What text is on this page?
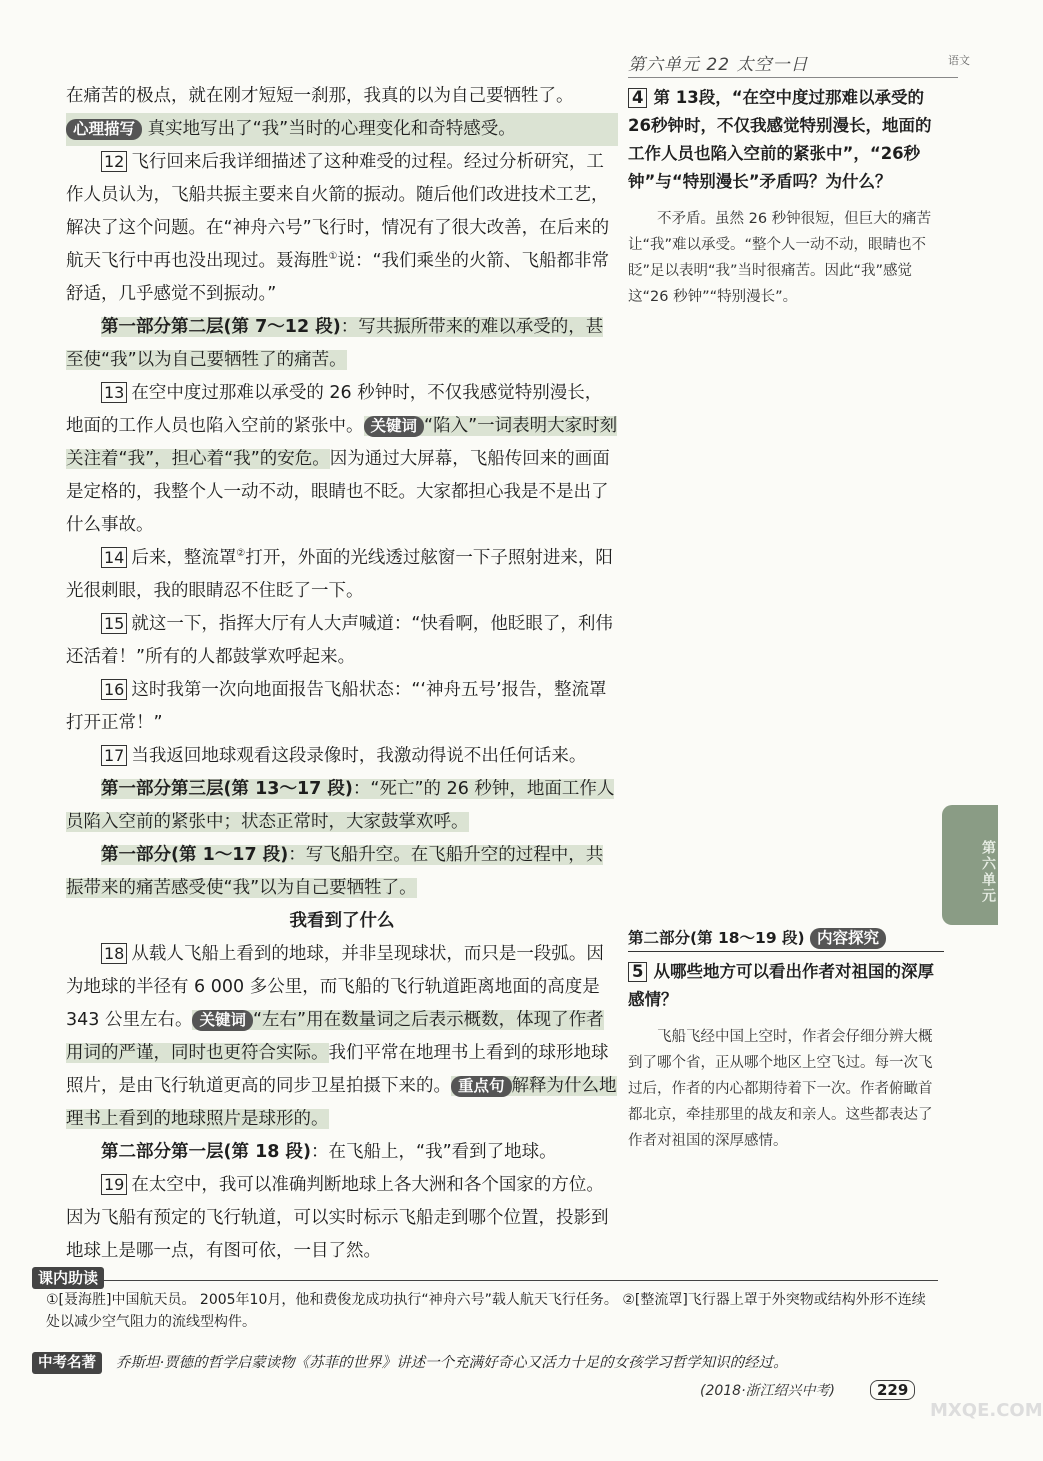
第六单元 22 太空一日	语文

在痛苦的极点，就在刚才短短一刹那，我真的以为自己要牺牲了。

心理描写 真实地写出了“我”当时的心理变化和奇特感受。

12 飞行回来后我详细描述了这种难受的过程。经过分析研究，工作人员认为，飞船共振主要来自火箭的振动。随后他们改进技术工艺，解决了这个问题。在“神舟六号”飞行时，情况有了很大改善，在后来的航天飞行中再也没出现过。聂海胜①说：“我们乘坐的火箭、飞船都非常舒适，几乎感觉不到振动。”

第一部分第二层(第 7～12 段)：写共振所带来的难以承受的，甚至使“我”以为自己要牺牲了的痛苦。

13 在空中度过那难以承受的 26 秒钟时，不仅我感觉特别漫长，地面的工作人员也陷入空前的紧张中。 关键词 “陷入”一词表明大家时刻关注着“我”，担心着“我”的安危。因为通过大屏幕，飞船传回来的画面是定格的，我整个人一动不动，眼睛也不眨。大家都担心我是不是出了什么事故。

14 后来，整流罩②打开，外面的光线透过舷窗一下子照射进来，阳光很刺眼，我的眼睛忍不住眨了一下。

15 就这一下，指挥大厅有人大声喊道：“快看啊，他眨眼了，利伟还活着！”所有的人都鼓掌欢呼起来。

16 这时我第一次向地面报告飞船状态：“‘神舟五号’报告，整流罩打开正常！”

17 当我返回地球观看这段录像时，我激动得说不出任何话来。

第一部分第三层(第 13～17 段)：“死亡”的 26 秒钟，地面工作人员陷入空前的紧张中；状态正常时，大家鼓掌欢呼。

第一部分(第 1～17 段)：写飞船升空。在飞船升空的过程中，共振带来的痛苦感受使“我”以为自己要牺牲了。

我看到了什么

18 从载人飞船上看到的地球，并非呈现球状，而只是一段弧。因为地球的半径有 6 000 多公里，而飞船的飞行轨道距离地面的高度是 343 公里左右。 关键词 “左右”用在数量词之后表示概数，体现了作者用词的严谨，同时也更符合实际。我们平常在地理书上看到的球形地球照片，是由飞行轨道更高的同步卫星拍摄下来的。 重点句 解释为什么地理书上看到的地球照片是球形的。

第二部分第一层(第 18 段)：在飞船上，“我”看到了地球。

19 在太空中，我可以准确判断地球上各大洲和各个国家的方位。因为飞船有预定的飞行轨道，可以实时标示飞船走到哪个位置，投影到地球上是哪一点，有图可依，一目了然。

4 第 13段，“在空中度过那难以承受的26秒钟时，不仅我感觉特别漫长，地面的工作人员也陷入空前的紧张中”，“26秒钟”与“特别漫长”矛盾吗？为什么？
不矛盾。虽然 26 秒钟很短，但巨大的痛苦让“我”难以承受。“整个人一动不动，眼睛也不眨”足以表明“我”当时很痛苦。因此“我”感觉这“26 秒钟”“特别漫长”。
第六单元
第二部分(第 18～19 段) 内容探究
5 从哪些地方可以看出作者对祖国的深厚感情？
飞船飞经中国上空时，作者会仔细分辨大概到了哪个省，正从哪个地区上空飞过。每一次飞过后，作者的内心都期待着下一次。作者俯瞰首都北京，牵挂那里的战友和亲人。这些都表达了作者对祖国的深厚感情。
课内助读
①[聂海胜]中国航天员。 2005年10月，他和费俊龙成功执行“神舟六号”载人航天飞行任务。 ②[整流罩]飞行器上罩于外突物或结构外形不连续处以减少空气阻力的流线型构件。
中考名著 乔斯坦·贾德的哲学启蒙读物《苏菲的世界》讲述一个充满好奇心又活力十足的女孩学习哲学知识的经过。
(2018·浙江绍兴中考)	229
MXQE.COM
